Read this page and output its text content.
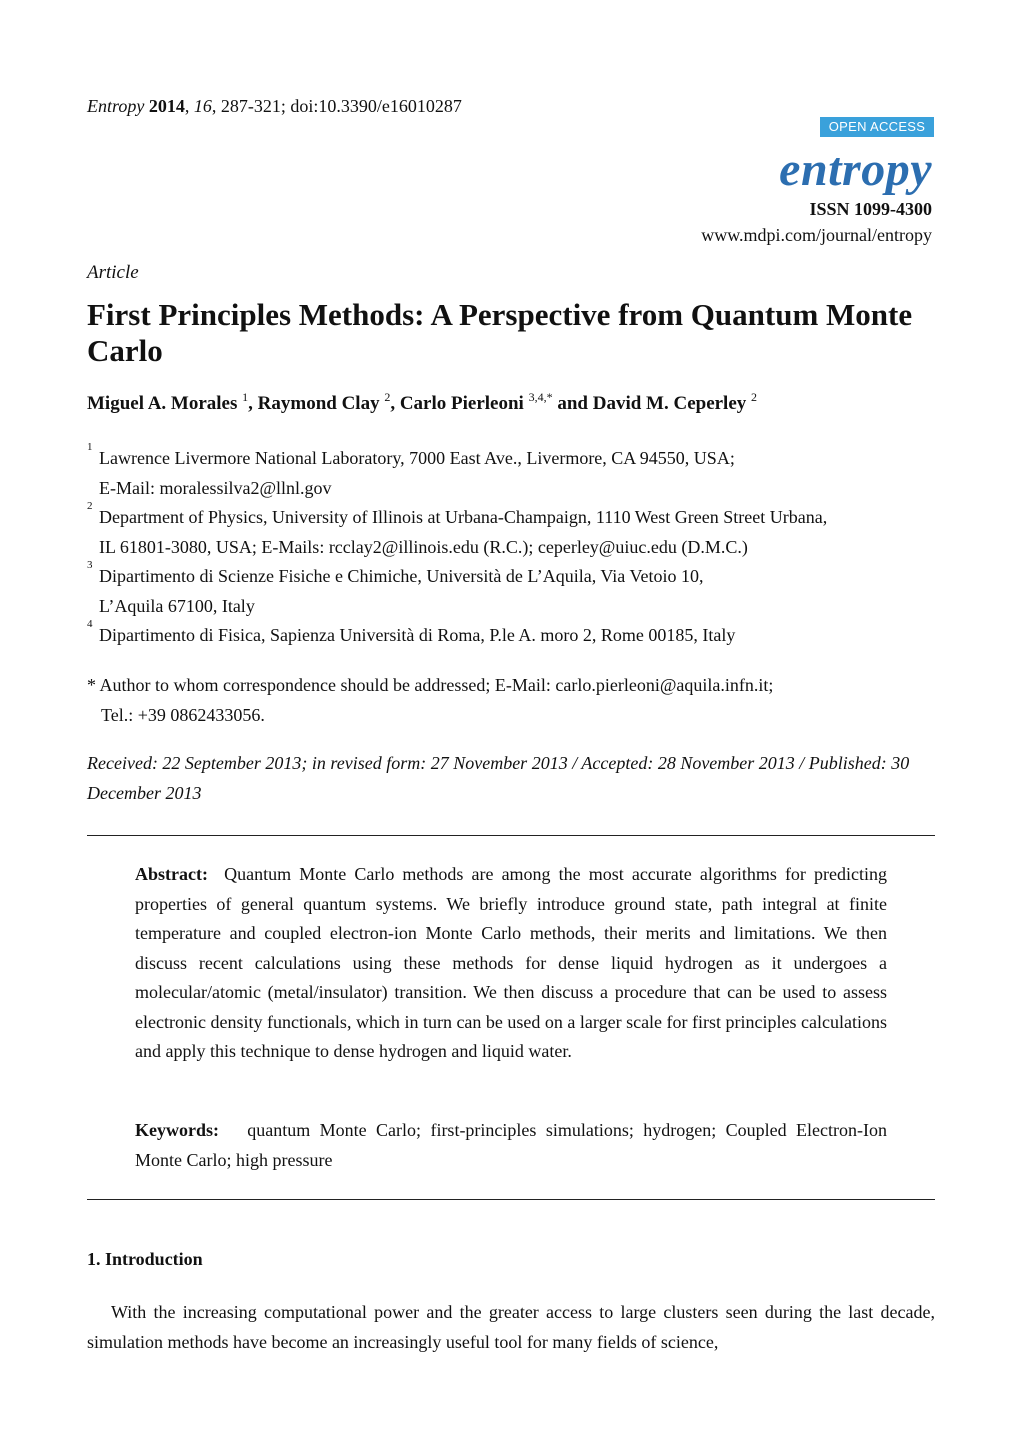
Entropy 2014, 16, 287-321; doi:10.3390/e16010287
OPEN ACCESS
entropy
ISSN 1099-4300
www.mdpi.com/journal/entropy
Article
First Principles Methods: A Perspective from Quantum Monte Carlo
Miguel A. Morales $^1$, Raymond Clay $^2$, Carlo Pierleoni $^{3,4,*}$ and David M. Ceperley $^2$
1
Lawrence Livermore National Laboratory, 7000 East Ave., Livermore, CA 94550, USA;
E-Mail: moralessilva2@llnl.gov
2
Department of Physics, University of Illinois at Urbana-Champaign, 1110 West Green Street Urbana,
IL 61801-3080, USA; E-Mails: rcclay2@illinois.edu (R.C.); ceperley@uiuc.edu (D.M.C.)
3
Dipartimento di Scienze Fisiche e Chimiche, Università de L’Aquila, Via Vetoio 10,
L’Aquila 67100, Italy
4
Dipartimento di Fisica, Sapienza Università di Roma, P.le A. moro 2, Rome 00185, Italy
* Author to whom correspondence should be addressed; E-Mail: carlo.pierleoni@aquila.infn.it;
Tel.: +39 0862433056.
Received: 22 September 2013; in revised form: 27 November 2013 / Accepted: 28 November 2013 / Published: 30 December 2013
Abstract: Quantum Monte Carlo methods are among the most accurate algorithms for predicting properties of general quantum systems. We briefly introduce ground state, path integral at finite temperature and coupled electron-ion Monte Carlo methods, their merits and limitations. We then discuss recent calculations using these methods for dense liquid hydrogen as it undergoes a molecular/atomic (metal/insulator) transition. We then discuss a procedure that can be used to assess electronic density functionals, which in turn can be used on a larger scale for first principles calculations and apply this technique to dense hydrogen and liquid water.
Keywords: quantum Monte Carlo; first-principles simulations; hydrogen; Coupled Electron-Ion Monte Carlo; high pressure
1. Introduction
With the increasing computational power and the greater access to large clusters seen during the last decade, simulation methods have become an increasingly useful tool for many fields of science,
